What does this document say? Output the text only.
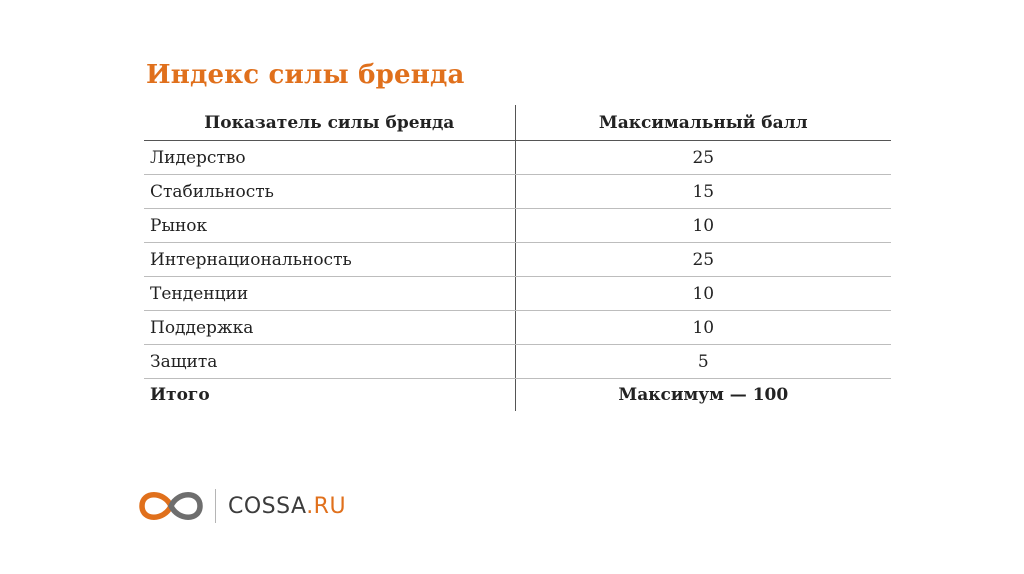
Индекс силы бренда
Показатель силы бренда	Максимальный балл
Лидерство	25
Стабильность	15
Рынок	10
Интернациональность	25
Тенденции	10
Поддержка	10
Защита	5
Итого	Максимум — 100
COSSA.RU
